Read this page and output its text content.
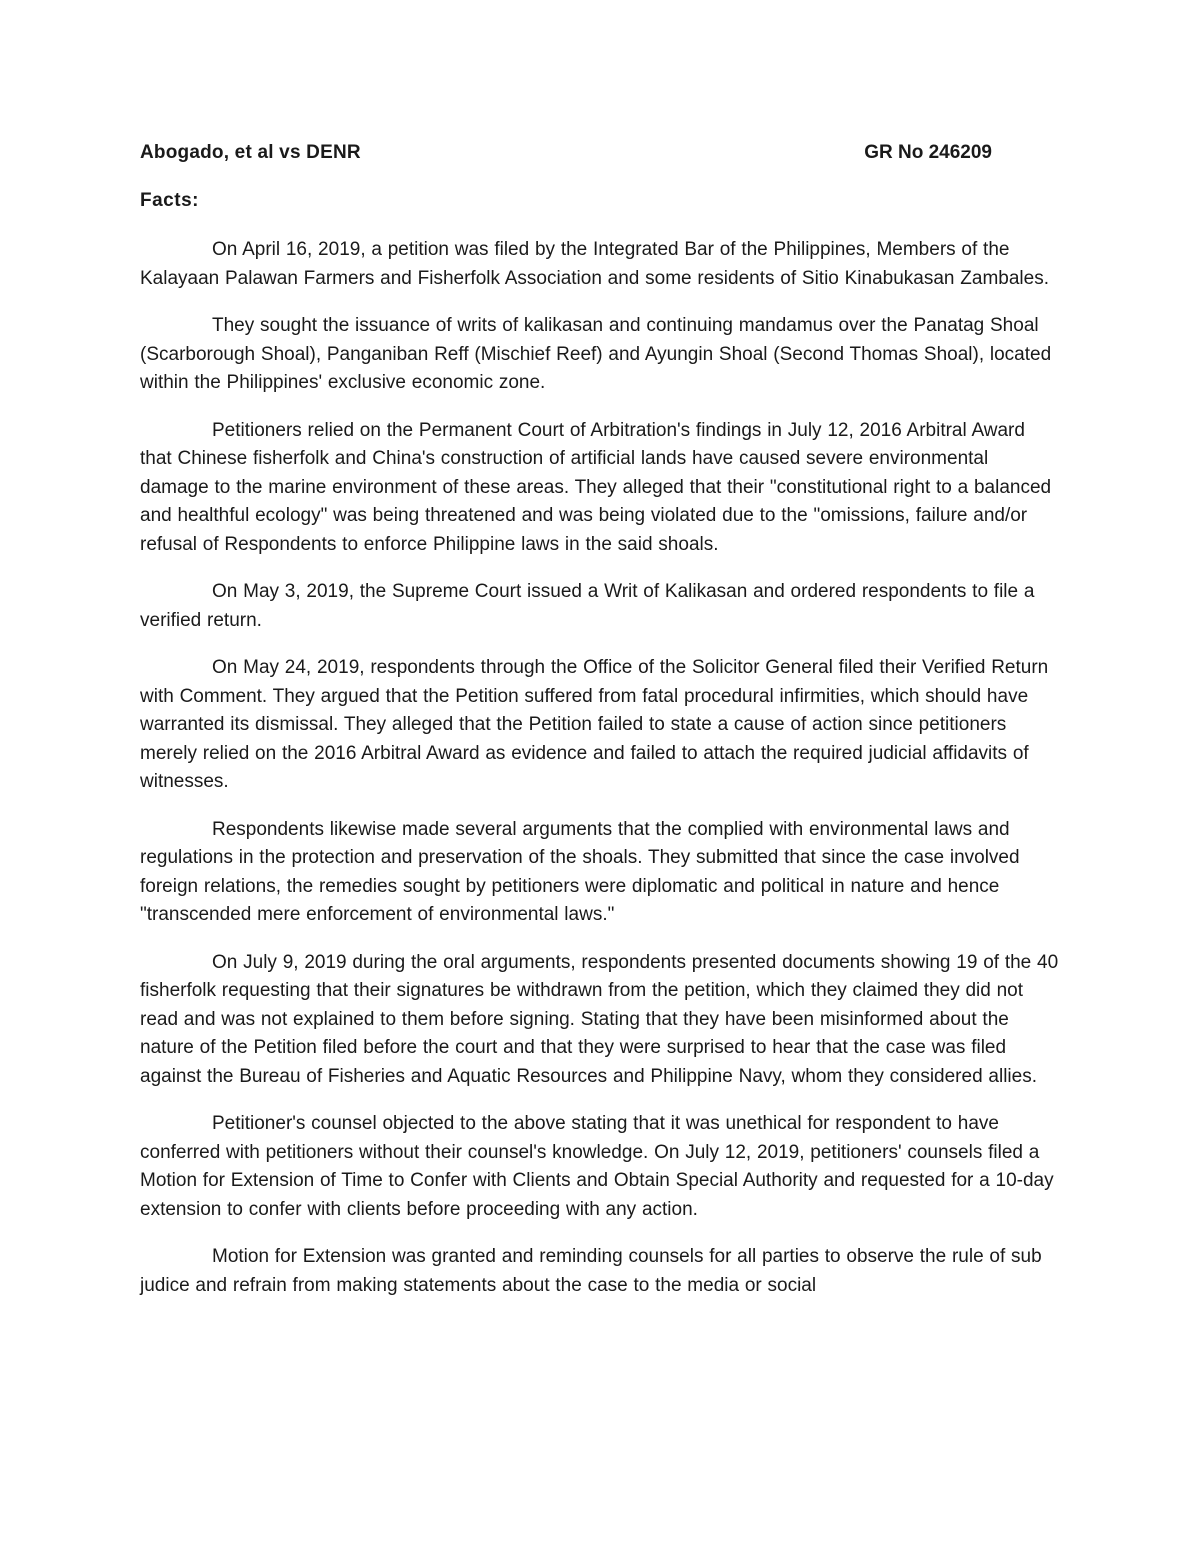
Abogado, et al vs DENR	GR No 246209
Facts:

On April 16, 2019, a petition was filed by the Integrated Bar of the Philippines, Members of the Kalayaan Palawan Farmers and Fisherfolk Association and some residents of Sitio Kinabukasan Zambales.

They sought the issuance of writs of kalikasan and continuing mandamus over the Panatag Shoal (Scarborough Shoal), Panganiban Reff (Mischief Reef) and Ayungin Shoal (Second Thomas Shoal), located within the Philippines' exclusive economic zone.

Petitioners relied on the Permanent Court of Arbitration's findings in July 12, 2016 Arbitral Award that Chinese fisherfolk and China's construction of artificial lands have caused severe environmental damage to the marine environment of these areas. They alleged that their "constitutional right to a balanced and healthful ecology" was being threatened and was being violated due to the "omissions, failure and/or refusal of Respondents to enforce Philippine laws in the said shoals.

On May 3, 2019, the Supreme Court issued a Writ of Kalikasan and ordered respondents to file a verified return.

On May 24, 2019, respondents through the Office of the Solicitor General filed their Verified Return with Comment. They argued that the Petition suffered from fatal procedural infirmities, which should have warranted its dismissal. They alleged that the Petition failed to state a cause of action since petitioners merely relied on the 2016 Arbitral Award as evidence and failed to attach the required judicial affidavits of witnesses.

Respondents likewise made several arguments that the complied with environmental laws and regulations in the protection and preservation of the shoals. They submitted that since the case involved foreign relations, the remedies sought by petitioners were diplomatic and political in nature and hence "transcended mere enforcement of environmental laws."

On July 9, 2019 during the oral arguments, respondents presented documents showing 19 of the 40 fisherfolk requesting that their signatures be withdrawn from the petition, which they claimed they did not read and was not explained to them before signing. Stating that they have been misinformed about the nature of the Petition filed before the court and that they were surprised to hear that the case was filed against the Bureau of Fisheries and Aquatic Resources and Philippine Navy, whom they considered allies.

Petitioner's counsel objected to the above stating that it was unethical for respondent to have conferred with petitioners without their counsel's knowledge. On July 12, 2019, petitioners' counsels filed a Motion for Extension of Time to Confer with Clients and Obtain Special Authority and requested for a 10-day extension to confer with clients before proceeding with any action.

Motion for Extension was granted and reminding counsels for all parties to observe the rule of sub judice and refrain from making statements about the case to the media or social
